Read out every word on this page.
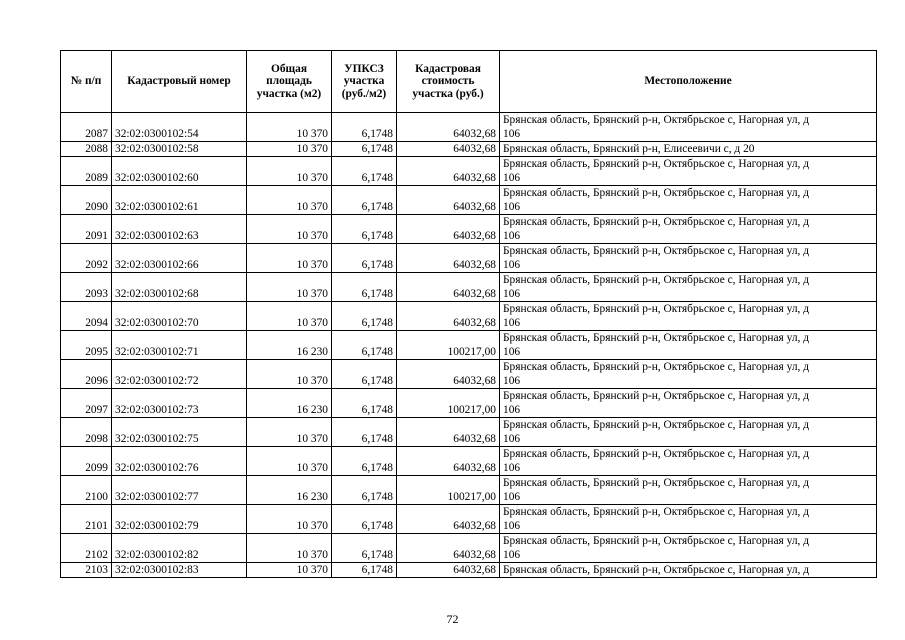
№ п/п	Кадастровый номер	Общая площадь участка (м2)	УПКСЗ участка (руб./м2)	Кадастровая стоимость участка (руб.)	Местоположение
2087	32:02:0300102:54	10 370	6,1748	64032,68	Брянская область, Брянский р-н, Октябрьское с, Нагорная ул, д
106

2088	32:02:0300102:58	10 370	6,1748	64032,68	Брянская область, Брянский р-н, Елисеевичи с, д 20

2089	32:02:0300102:60	10 370	6,1748	64032,68	Брянская область, Брянский р-н, Октябрьское с, Нагорная ул, д
106

2090	32:02:0300102:61	10 370	6,1748	64032,68	Брянская область, Брянский р-н, Октябрьское с, Нагорная ул, д
106

2091	32:02:0300102:63	10 370	6,1748	64032,68	Брянская область, Брянский р-н, Октябрьское с, Нагорная ул, д
106

2092	32:02:0300102:66	10 370	6,1748	64032,68	Брянская область, Брянский р-н, Октябрьское с, Нагорная ул, д
106

2093	32:02:0300102:68	10 370	6,1748	64032,68	Брянская область, Брянский р-н, Октябрьское с, Нагорная ул, д
106

2094	32:02:0300102:70	10 370	6,1748	64032,68	Брянская область, Брянский р-н, Октябрьское с, Нагорная ул, д
106

2095	32:02:0300102:71	16 230	6,1748	100217,00	Брянская область, Брянский р-н, Октябрьское с, Нагорная ул, д
106

2096	32:02:0300102:72	10 370	6,1748	64032,68	Брянская область, Брянский р-н, Октябрьское с, Нагорная ул, д
106

2097	32:02:0300102:73	16 230	6,1748	100217,00	Брянская область, Брянский р-н, Октябрьское с, Нагорная ул, д
106

2098	32:02:0300102:75	10 370	6,1748	64032,68	Брянская область, Брянский р-н, Октябрьское с, Нагорная ул, д
106

2099	32:02:0300102:76	10 370	6,1748	64032,68	Брянская область, Брянский р-н, Октябрьское с, Нагорная ул, д
106

2100	32:02:0300102:77	16 230	6,1748	100217,00	Брянская область, Брянский р-н, Октябрьское с, Нагорная ул, д
106

2101	32:02:0300102:79	10 370	6,1748	64032,68	Брянская область, Брянский р-н, Октябрьское с, Нагорная ул, д
106

2102	32:02:0300102:82	10 370	6,1748	64032,68	Брянская область, Брянский р-н, Октябрьское с, Нагорная ул, д
106

2103	32:02:0300102:83	10 370	6,1748	64032,68	Брянская область, Брянский р-н, Октябрьское с, Нагорная ул, д
72
